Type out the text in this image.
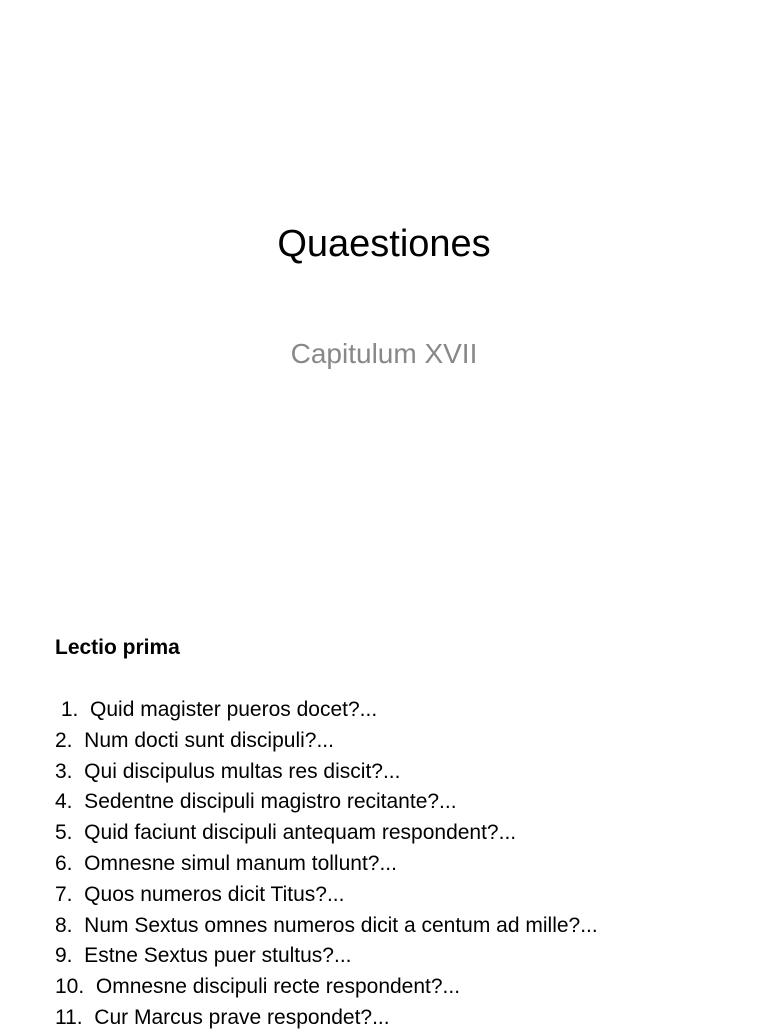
Quaestiones
Capitulum XVII
Lectio prima
1.  Quid magister pueros docet?...
2.  Num docti sunt discipuli?...
3.  Qui discipulus multas res discit?...
4.  Sedentne discipuli magistro recitante?...
5.  Quid faciunt discipuli antequam respondent?...
6.  Omnesne simul manum tollunt?...
7.  Quos numeros dicit Titus?...
8.  Num Sextus omnes numeros dicit a centum ad mille?...
9.  Estne Sextus puer stultus?...
10.  Omnesne discipuli recte respondent?...
11.  Cur Marcus prave respondet?...
